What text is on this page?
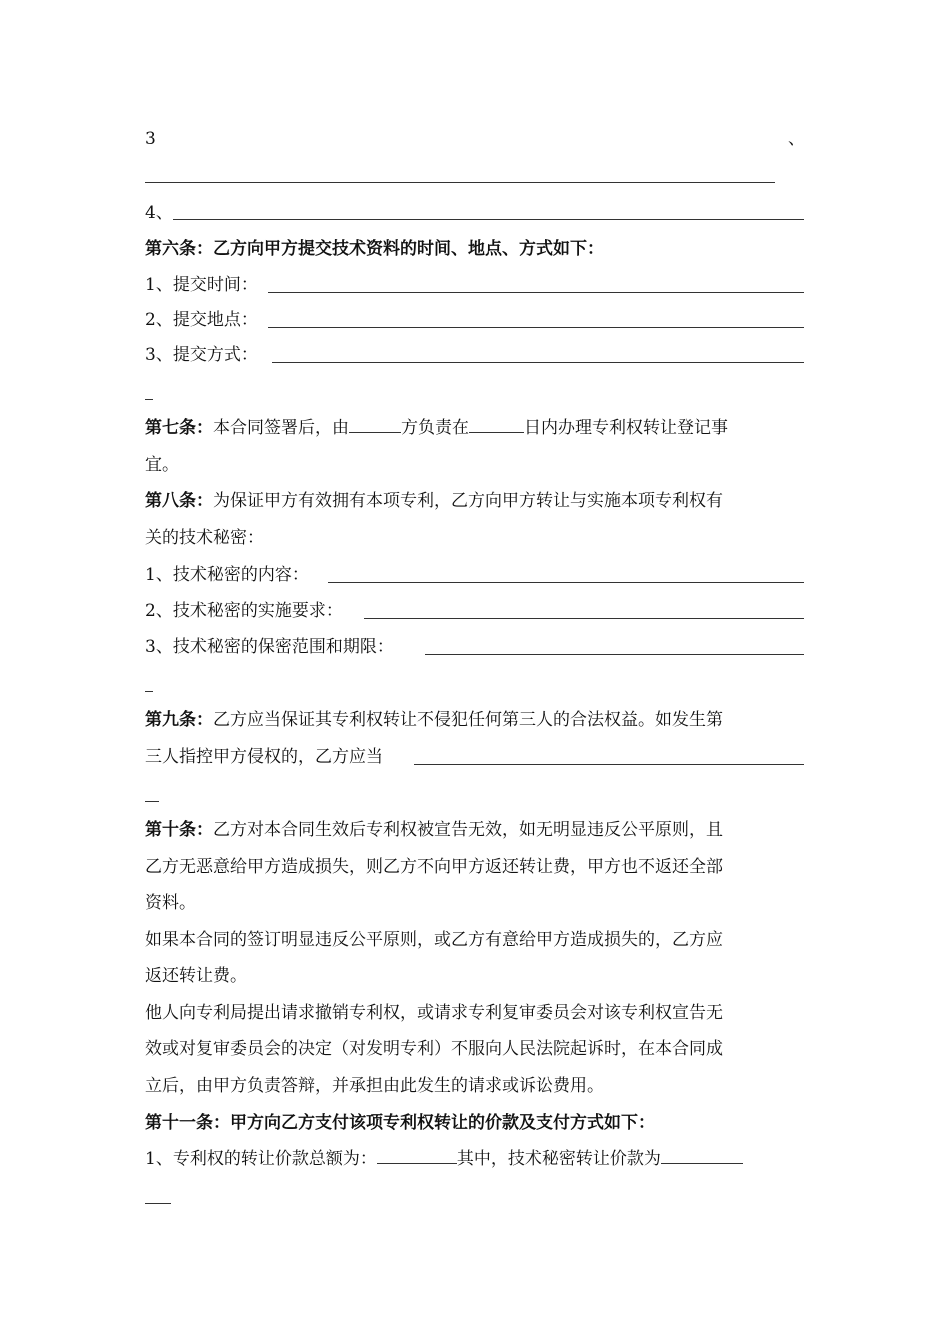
3	、
4、
第六条：乙方向甲方提交技术资料的时间、地点、方式如下：
1、提交时间：
2、提交地点：
3、提交方式：
第七条：本合同签署后，由	方负责在	日内办理专利权转让登记事
宜。
第八条：为保证甲方有效拥有本项专利，乙方向甲方转让与实施本项专利权有
关的技术秘密：
1、技术秘密的内容：
2、技术秘密的实施要求：
3、技术秘密的保密范围和期限：
第九条：乙方应当保证其专利权转让不侵犯任何第三人的合法权益。如发生第
三人指控甲方侵权的，乙方应当
第十条：乙方对本合同生效后专利权被宣告无效，如无明显违反公平原则，且
乙方无恶意给甲方造成损失，则乙方不向甲方返还转让费，甲方也不返还全部
资料。
如果本合同的签订明显违反公平原则，或乙方有意给甲方造成损失的，乙方应
返还转让费。
他人向专利局提出请求撤销专利权，或请求专利复审委员会对该专利权宣告无
效或对复审委员会的决定（对发明专利）不服向人民法院起诉时，在本合同成
立后，由甲方负责答辩，并承担由此发生的请求或诉讼费用。
第十一条：甲方向乙方支付该项专利权转让的价款及支付方式如下：
1、专利权的转让价款总额为：	其中，技术秘密转让价款为
